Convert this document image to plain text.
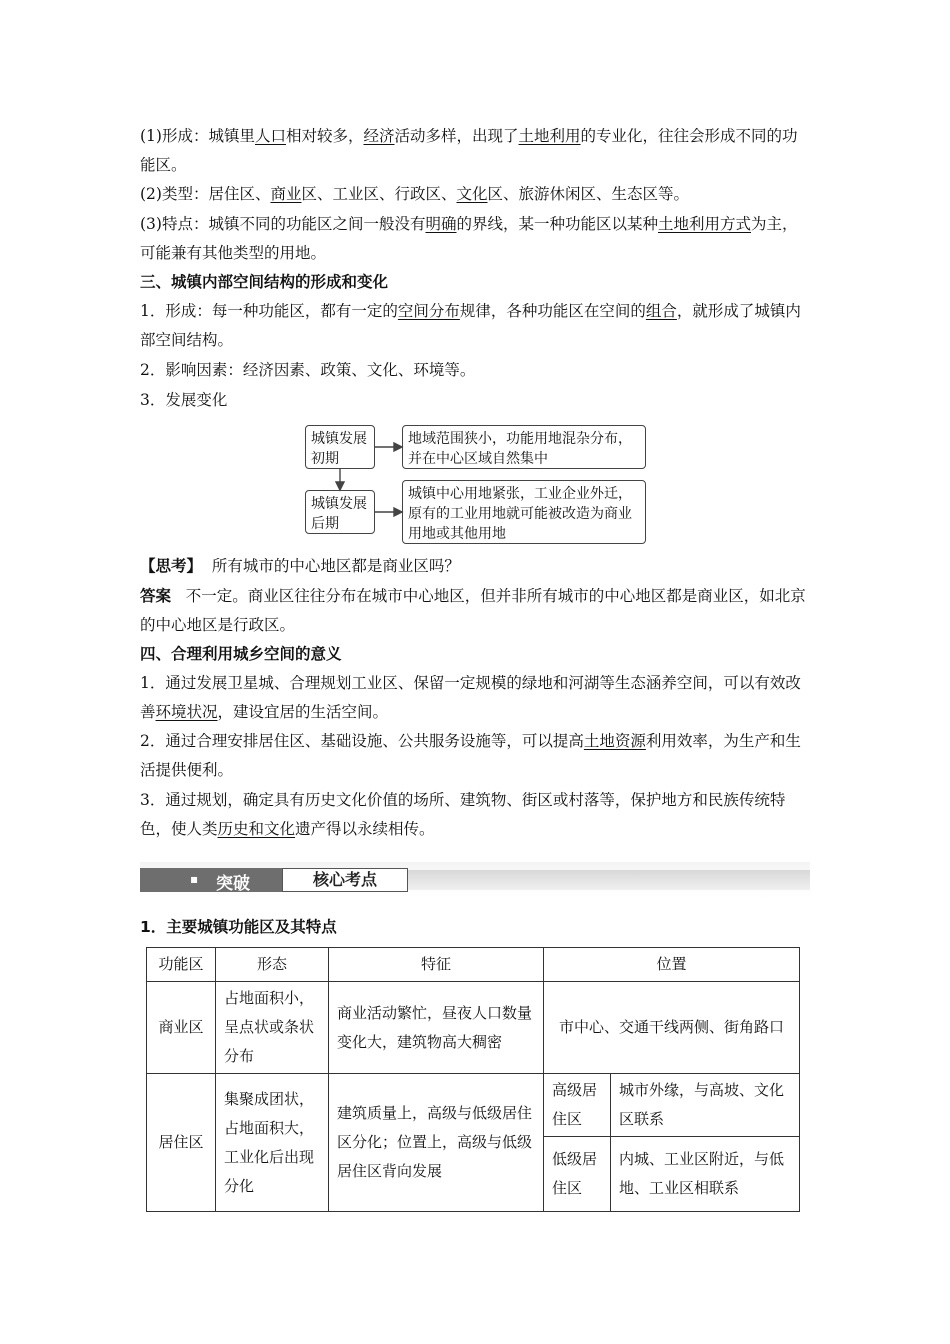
(1)形成：城镇里人口相对较多，经济活动多样，出现了土地利用的专业化，往往会形成不同的功能区。

(2)类型：居住区、商业区、工业区、行政区、文化区、旅游休闲区、生态区等。

(3)特点：城镇不同的功能区之间一般没有明确的界线，某一种功能区以某种土地利用方式为主，可能兼有其他类型的用地。

三、城镇内部空间结构的形成和变化

1．形成：每一种功能区，都有一定的空间分布规律，各种功能区在空间的组合，就形成了城镇内部空间结构。

2．影响因素：经济因素、政策、文化、环境等。

3．发展变化

城镇发展初期
地域范围狭小，功能用地混杂分布，并在中心区域自然集中
城镇发展后期
城镇中心用地紧张，工业企业外迁，原有的工业用地就可能被改造为商业用地或其他用地

【思考】 所有城市的中心地区都是商业区吗？

答案 不一定。商业区往往分布在城市中心地区，但并非所有城市的中心地区都是商业区，如北京的中心地区是行政区。

四、合理利用城乡空间的意义

1．通过发展卫星城、合理规划工业区、保留一定规模的绿地和河湖等生态涵养空间，可以有效改善环境状况，建设宜居的生活空间。

2．通过合理安排居住区、基础设施、公共服务设施等，可以提高土地资源利用效率，为生产和生活提供便利。

3．通过规划，确定具有历史文化价值的场所、建筑物、街区或村落等，保护地方和民族传统特色，使人类历史和文化遗产得以永续相传。

▪ 突破	核心考点
1．主要城镇功能区及其特点
功能区	形态	特征	位置	
商业区	占地面积小，呈点状或条状分布	商业活动繁忙，昼夜人口数量变化大，建筑物高大稠密	市中心、交通干线两侧、街角路口	
居住区	集聚成团状，占地面积大，工业化后出现分化	建筑质量上，高级与低级居住区分化；位置上，高级与低级居住区背向发展	高级居住区	城市外缘，与高坡、文化区联系
			低级居住区	内城、工业区附近，与低地、工业区相联系
